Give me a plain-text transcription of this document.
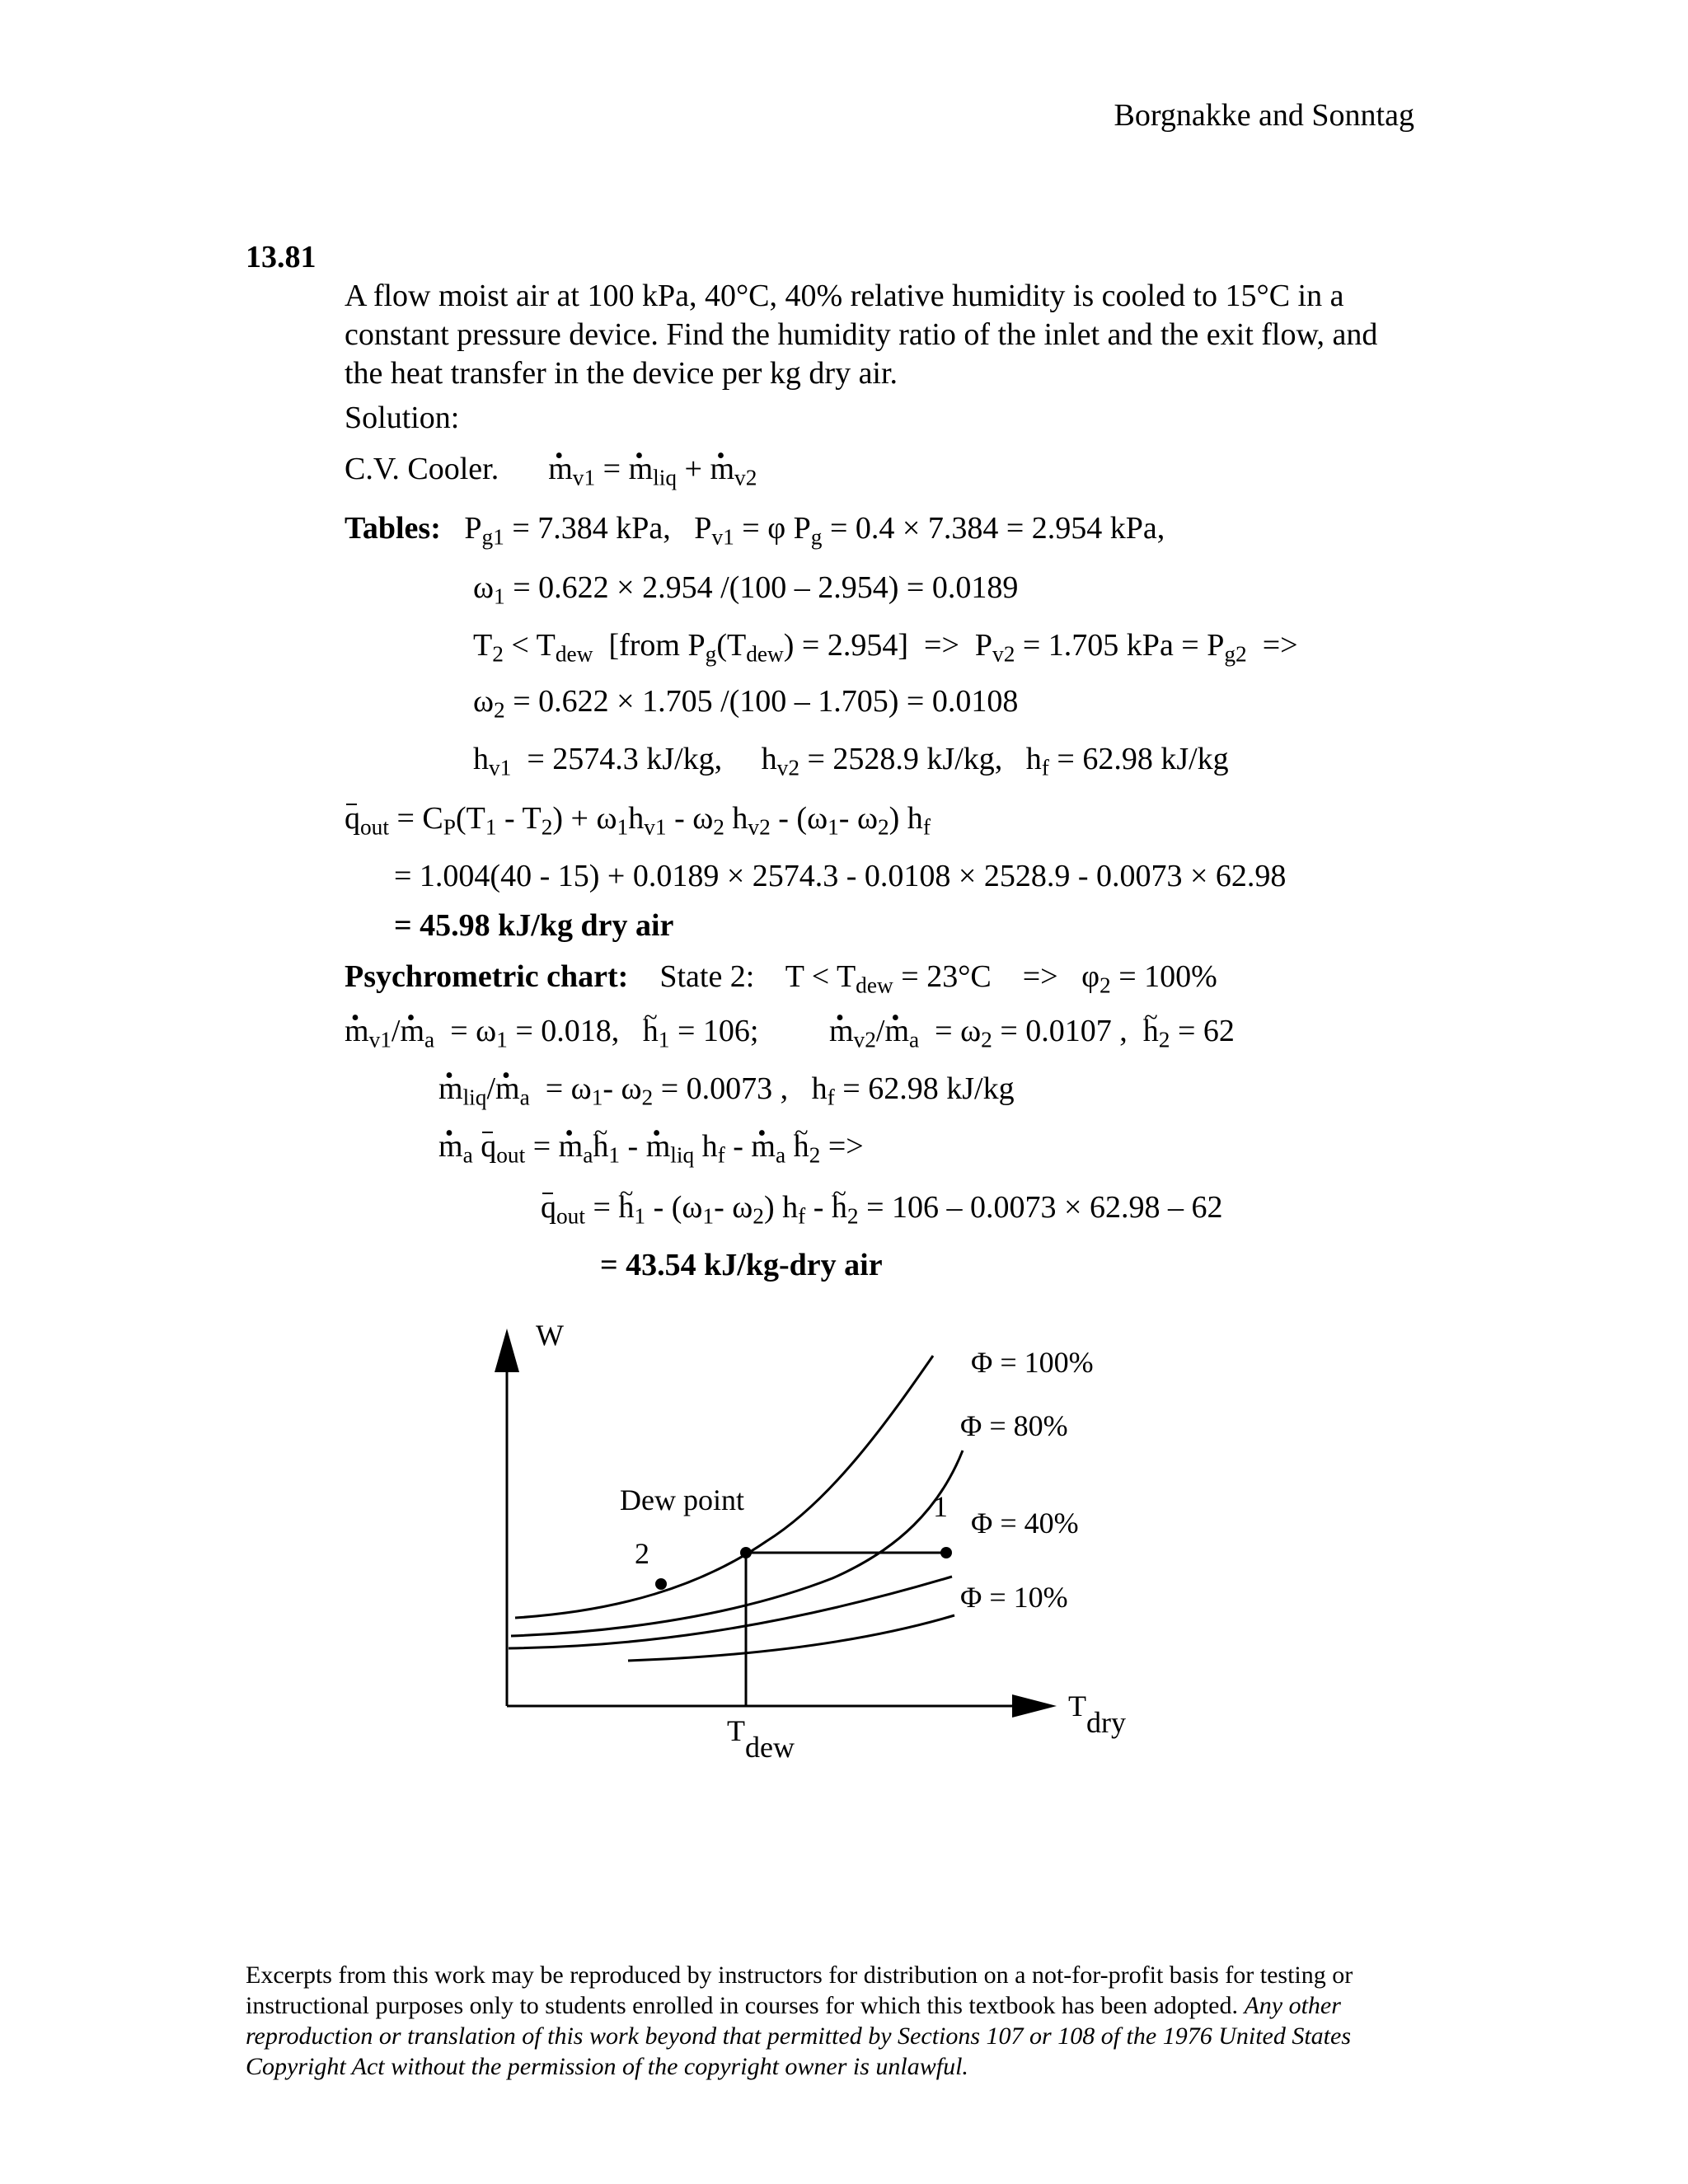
Borgnakke and Sonntag
13.81
A flow moist air at 100 kPa, 40°C, 40% relative humidity is cooled to 15°C in a constant pressure device. Find the humidity ratio of the inlet and the exit flow, and the heat transfer in the device per kg dry air.
Solution:
C.V. Cooler. • $m_{v1}$ = • $m_{liq}$ + • $m_{v2}$
Tables:   $P_{g1} = 7.384$ kPa,   $P_{v1} = \varphi$ $P_g = 0.4 \times 7.384 = 2.954$ kPa,
$\omega_1 = 0.622 \times 2.954$ /(100 – 2.954) = 0.0189
$T_2 < T_{dew}$  [from $P_g(T_{dew}) = 2.954] => P_{v2} = 1.705$ kPa = $P_{g2}$  =>
$\omega_2 = 0.622 \times 1.705$ /(100 – 1.705) = 0.0108
$h_{v1} = 2574.3$ kJ/kg,     $h_{v2} = 2528.9$ kJ/kg,   $h_f = 62.98$ kJ/kg
$q_{out} = C_P(T_1 - T_2) + \omega_1h_{v1} - \omega_2$ $h_{v2} - (\omega_1-$ $\omega_2$) $h_f$
= 1.004(40 - 15) + 0.0189 × 2574.3 - 0.0108 × 2528.9 - 0.0073 × 62.98
= 45.98 kJ/kg dry air
Psychrometric chart: State 2:    $T < T_{dew} = 23^\circ C$    =>   $\varphi_2 = 100\%$
• $m_{v1}/•$ $m_a = \omega_1 = 0.018$,   ~ $h_1 = 106$;         • $m_{v2}/•$ $m_a = \omega_2 = 0.0107$ ,  ~ $h_2 = 62$
• $m_{liq}/•$ $m_a = \omega_1-$ $\omega_2 = 0.0073$ ,   $h_f = 62.98$ kJ/kg
• $m_a$ $q_{out}$ = • $m_a\sim$ $h_1$ - • $m_{liq}$ $h_f$ - • $m_a$ ~ $h_2$ =>
$q_{out}$ = ~ $h_1 - (\omega_1-$ $\omega_2$) $h_f$ - ~ $h_2 = 106 - 0.0073 \times 62.98 - 62$
= 43.54 kJ/kg-dry air
W
Φ = 100%
Φ = 80%
Φ = 40%
Φ = 10%
Dew point	1
2
T dew
T dry
Excerpts from this work may be reproduced by instructors for distribution on a not-for-profit basis for testing or instructional purposes only to students enrolled in courses for which this textbook has been adopted. Any other reproduction or translation of this work beyond that permitted by Sections 107 or 108 of the 1976 United States Copyright Act without the permission of the copyright owner is unlawful.
